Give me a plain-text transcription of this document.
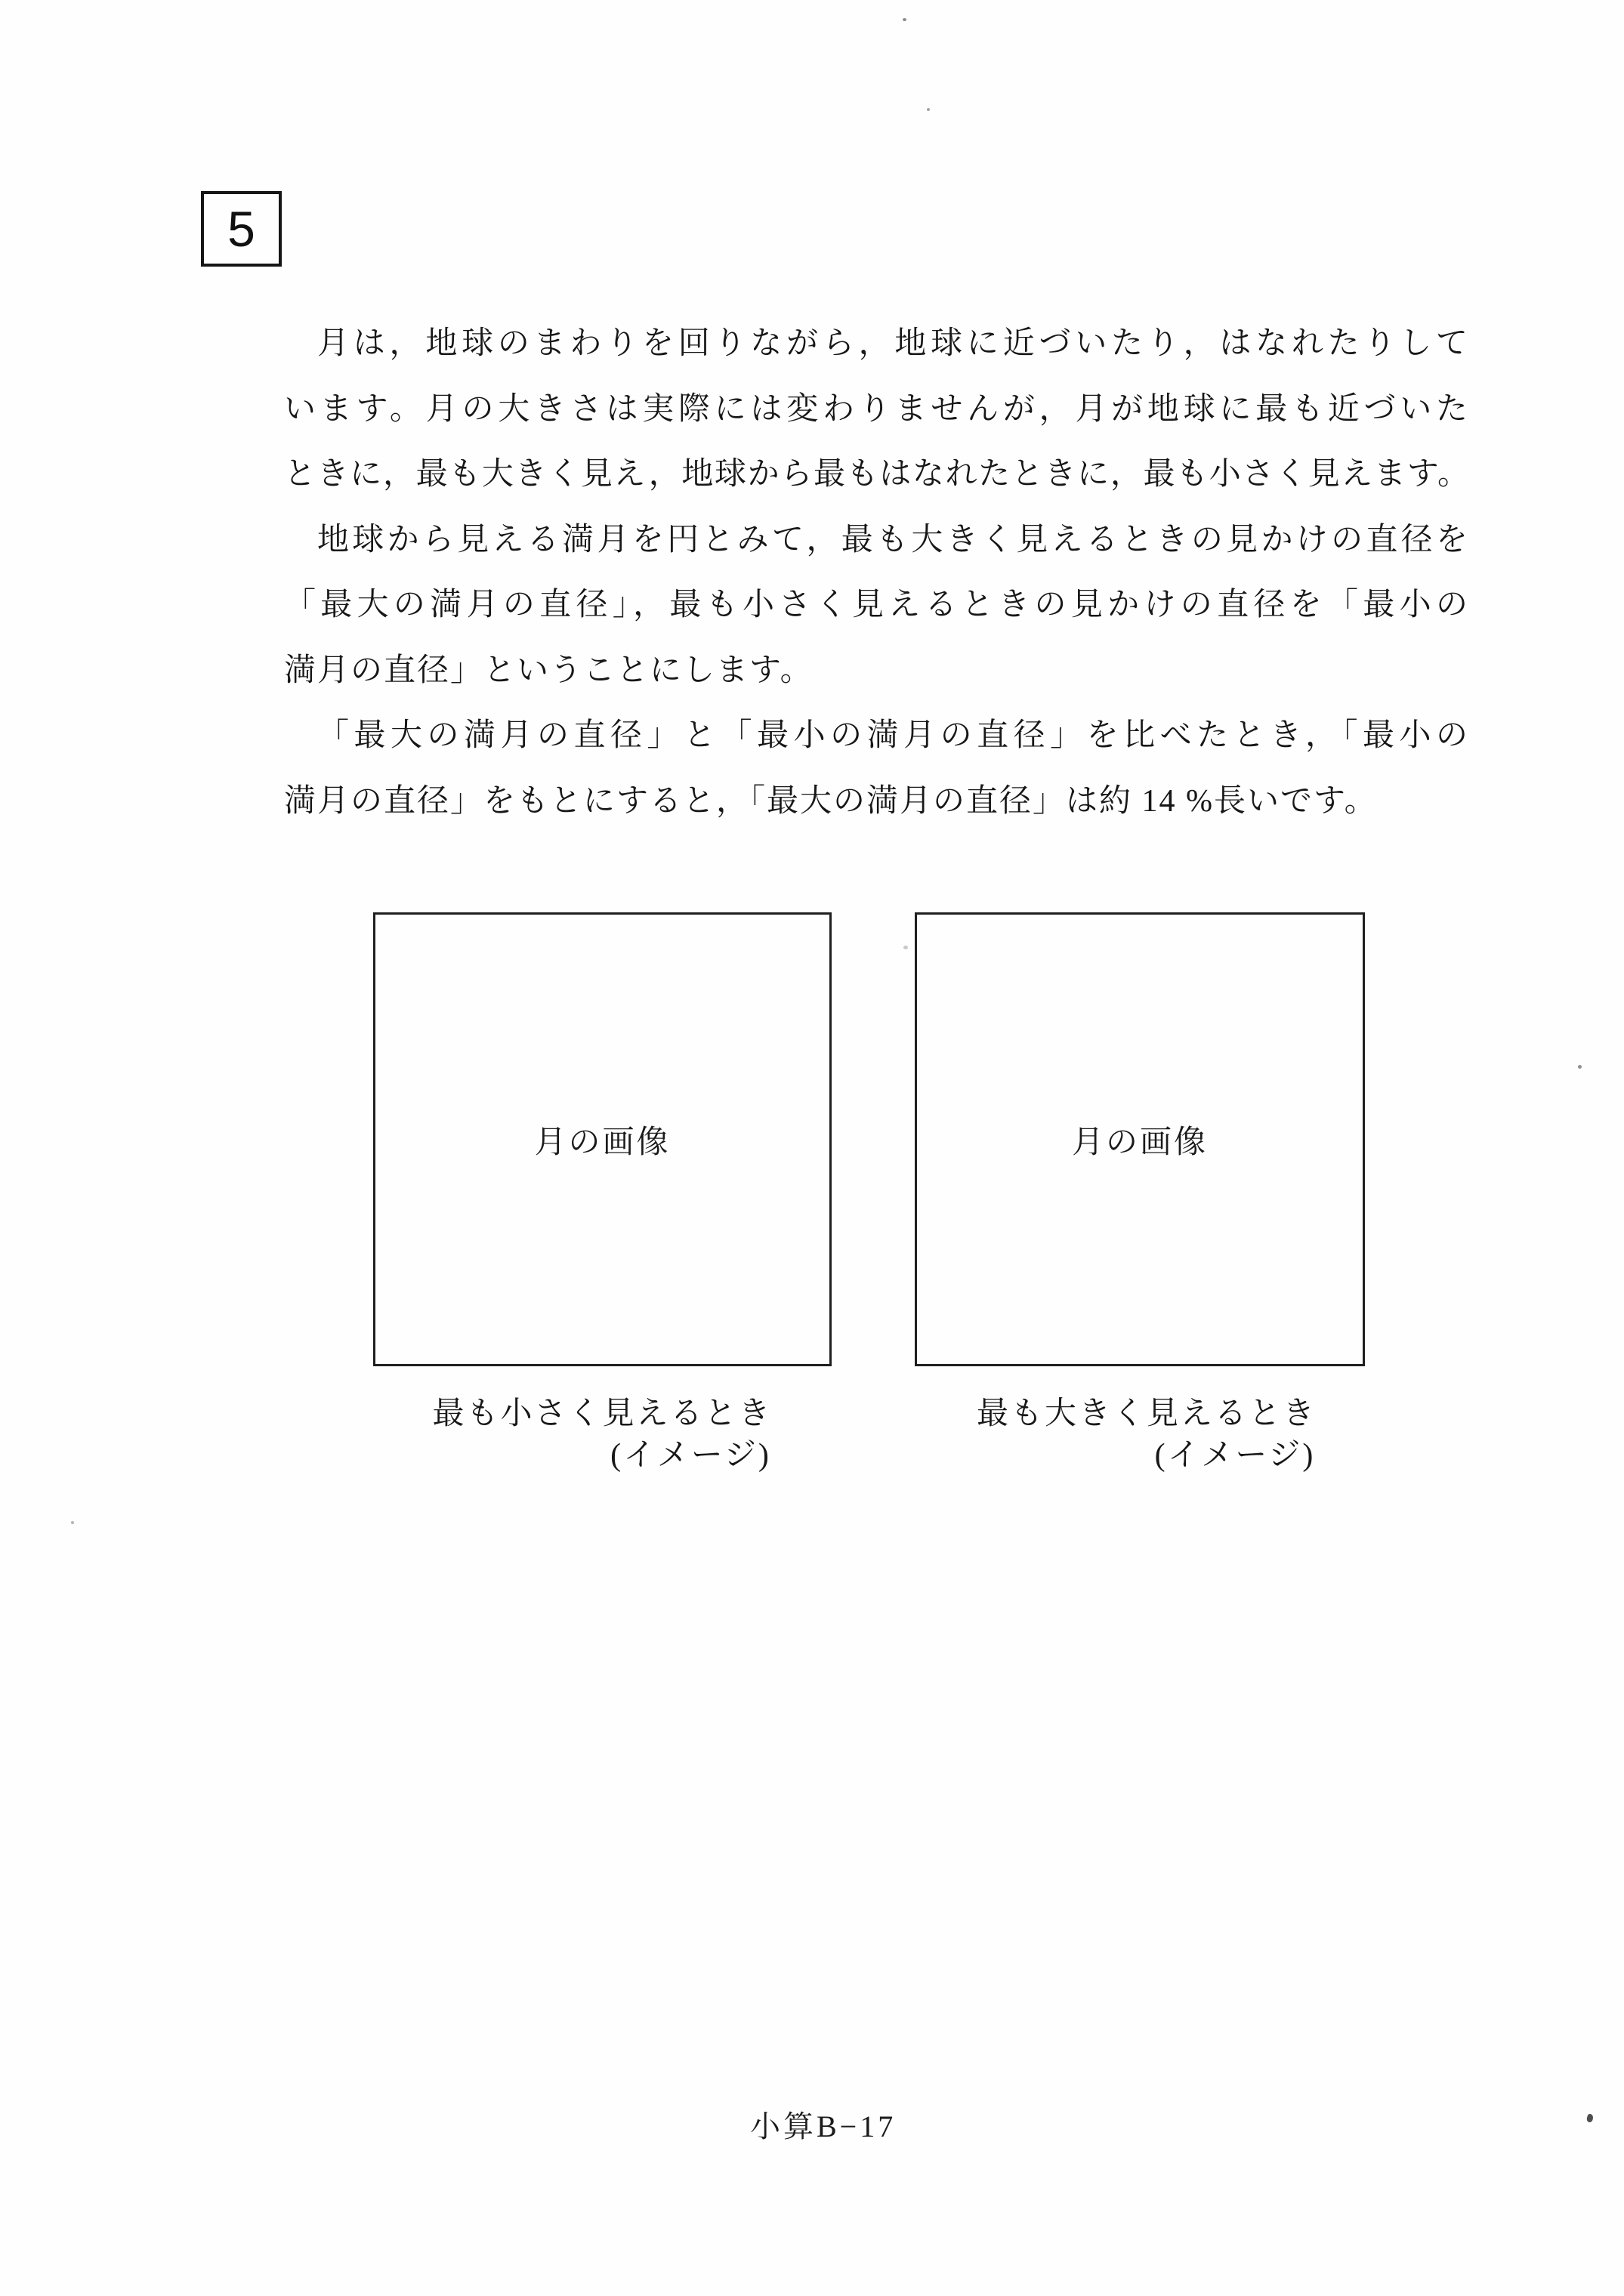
5
月は，地球のまわりを回りながら，地球に近づいたり，はなれたりして
います。月の大きさは実際には変わりませんが，月が地球に最も近づいた
ときに，最も大きく見え，地球から最もはなれたときに，最も小さく見えます。
地球から見える満月を円とみて，最も大きく見えるときの見かけの直径を
「最大の満月の直径」，最も小さく見えるときの見かけの直径を「最小の
満月の直径」ということにします。
「最大の満月の直径」と「最小の満月の直径」を比べたとき，「最小の
満月の直径」をもとにすると，「最大の満月の直径」は約 14 %長いです。
月の画像	月の画像
最も小さく見えるとき
(イメージ)
最も大きく見えるとき
(イメージ)
小算B−17
